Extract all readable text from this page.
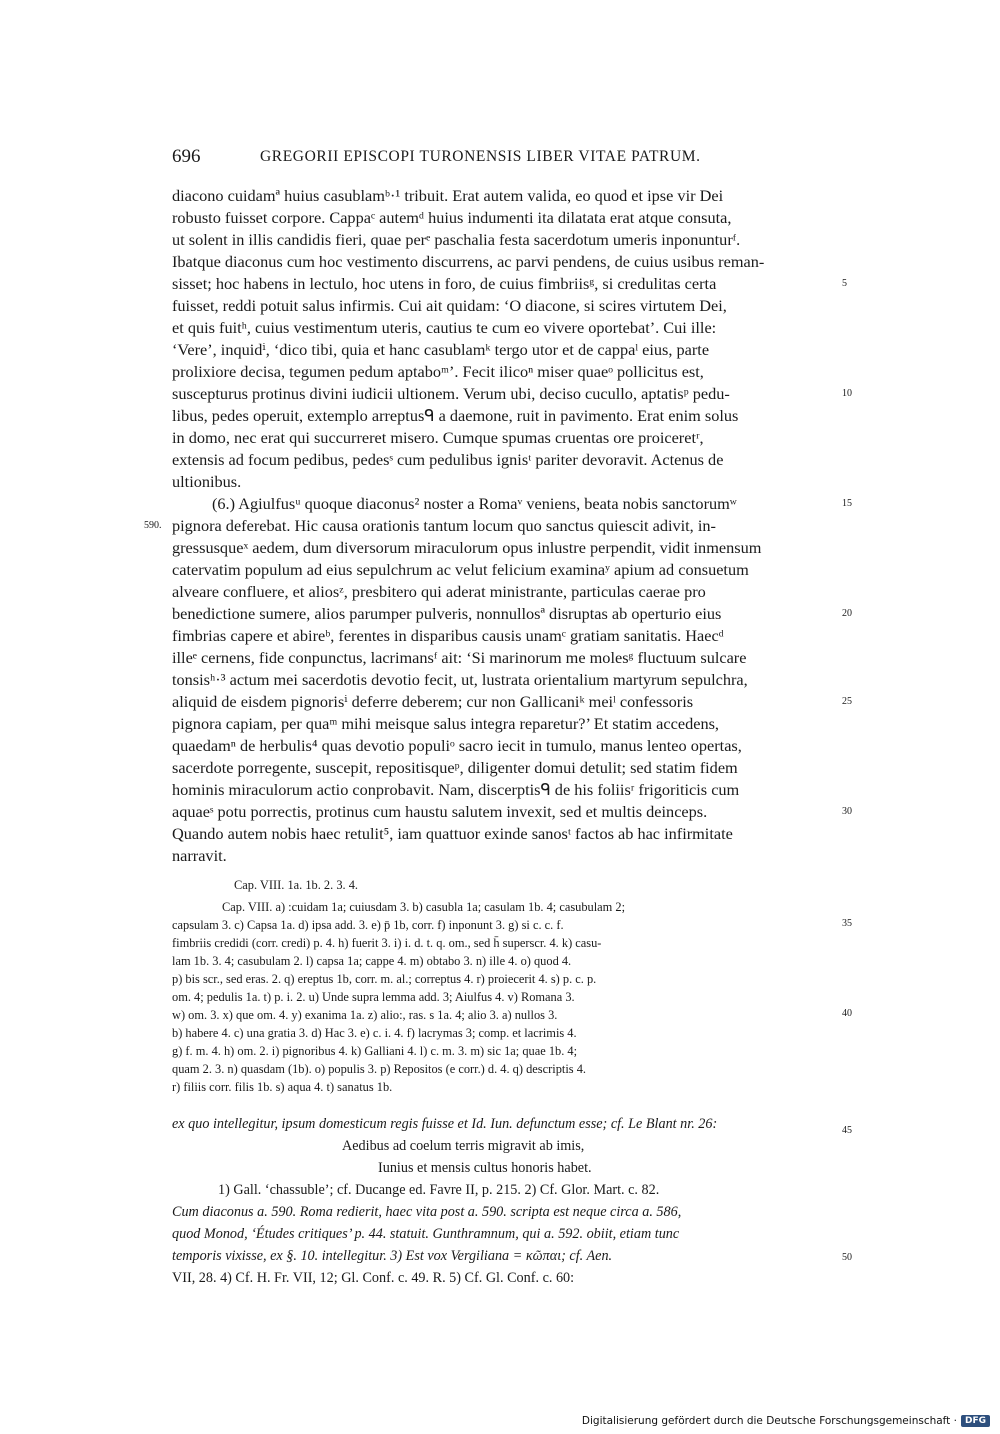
696	GREGORII EPISCOPI TURONENSIS LIBER VITAE PATRUM.
diacono cuidamª huius casublamᵇ·¹ tribuit. Erat autem valida, eo quod et ipse vir Dei
robusto fuisset corpore. Cappaᶜ autemᵈ huius indumenti ita dilatata erat atque consuta,
ut solent in illis candidis fieri, quae perᵉ paschalia festa sacerdotum umeris inponunturᶠ.
Ibatque diaconus cum hoc vestimento discurrens, ac parvi pendens, de cuius usibus reman-
sisset; hoc habens in lectulo, hoc utens in foro, de cuius fimbriisᵍ, si credulitas certa
fuisset, reddi potuit salus infirmis. Cui ait quidam: ‘O diacone, si scires virtutem Dei,
et quis fuitʰ, cuius vestimentum uteris, cautius te cum eo vivere oportebat’. Cui ille:
‘Vere’, inquidⁱ, ‘dico tibi, quia et hanc casublamᵏ tergo utor et de cappaˡ eius, parte
prolixiore decisa, tegumen pedum aptaboᵐ’. Fecit ilicoⁿ miser quaeᵒ pollicitus est,
suscepturus protinus divini iudicii ultionem. Verum ubi, deciso cucullo, aptatisᵖ pedu-
libus, pedes operuit, extemplo arreptusᑫ a daemone, ruit in pavimento. Erat enim solus
in domo, nec erat qui succurreret misero. Cumque spumas cruentas ore proiceretʳ,
extensis ad focum pedibus, pedesˢ cum pedulibus ignisᵗ pariter devoravit. Actenus de
ultionibus.
(6.) Agiulfusᵘ quoque diaconus² noster a Romaᵛ veniens, beata nobis sanctorumʷ
pignora deferebat. Hic causa orationis tantum locum quo sanctus quiescit adivit, in-
gressusqueˣ aedem, dum diversorum miraculorum opus inlustre perpendit, vidit inmensum
catervatim populum ad eius sepulchrum ac velut felicium examinaʸ apium ad consuetum
alveare confluere, et aliosᶻ, presbitero qui aderat ministrante, particulas caerae pro
benedictione sumere, alios parumper pulveris, nonnullosª disruptas ab operturio eius
fimbrias capere et abireᵇ, ferentes in disparibus causis unamᶜ gratiam sanitatis. Haecᵈ
illeᵉ cernens, fide conpunctus, lacrimansᶠ ait: ‘Si marinorum me molesᵍ fluctuum sulcare
tonsisʰ·³ actum mei sacerdotis devotio fecit, ut, lustrata orientalium martyrum sepulchra,
aliquid de eisdem pignorisⁱ deferre deberem; cur non Gallicaniᵏ meiˡ confessoris
pignora capiam, per quaᵐ mihi meisque salus integra reparetur?’ Et statim accedens,
quaedamⁿ de herbulis⁴ quas devotio populiᵒ sacro iecit in tumulo, manus lenteo opertas,
sacerdote porregente, suscepit, repositisqueᵖ, diligenter domui detulit; sed statim fidem
hominis miraculorum actio conprobavit. Nam, discerptisᑫ de his foliisʳ frigoriticis cum
aquaeˢ potu porrectis, protinus cum haustu salutem invexit, sed et multis deinceps.
Quando autem nobis haec retulit⁵, iam quattuor exinde sanosᵗ factos ab hac infirmitate
narravit.
Cap. VIII. 1a. 1b. 2. 3. 4.
Cap. VIII. a) :cuidam 1a; cuiusdam 3. b) casubla 1a; casulam 1b. 4; casubulam 2;
capsulam 3. c) Capsa 1a. d) ipsa add. 3. e) p̄ 1b, corr. f) inponunt 3. g) si c. c. f.
fimbriis credidi (corr. credi) p. 4. h) fuerit 3. i) i. d. t. q. om., sed h̄ superscr. 4. k) casu-
lam 1b. 3. 4; casubulam 2. l) capsa 1a; cappe 4. m) obtabo 3. n) ille 4. o) quod 4.
p) bis scr., sed eras. 2. q) ereptus 1b, corr. m. al.; correptus 4. r) proiecerit 4. s) p. c. p.
om. 4; pedulis 1a. t) p. i. 2. u) Unde supra lemma add. 3; Aiulfus 4. v) Romana 3.
w) om. 3. x) que om. 4. y) exanima 1a. z) alio:, ras. s 1a. 4; alio 3. a) nullos 3.
b) habere 4. c) una gratia 3. d) Hac 3. e) c. i. 4. f) lacrymas 3; comp. et lacrimis 4.
g) f. m. 4. h) om. 2. i) pignoribus 4. k) Galliani 4. l) c. m. 3. m) sic 1a; quae 1b. 4;
quam 2. 3. n) quasdam (1b). o) populis 3. p) Repositos (e corr.) d. 4. q) descriptis 4.
r) filiis corr. filis 1b. s) aqua 4. t) sanatus 1b.
ex quo intellegitur, ipsum domesticum regis fuisse et Id. Iun. defunctum esse; cf. Le Blant nr. 26:
Aedibus ad coelum terris migravit ab imis,
Iunius et mensis cultus honoris habet.
1) Gall. ‘chassuble’; cf. Ducange ed. Favre II, p. 215. 2) Cf. Glor. Mart. c. 82.
Cum diaconus a. 590. Roma redierit, haec vita post a. 590. scripta est neque circa a. 586,
quod Monod, ‘Études critiques’ p. 44. statuit. Gunthramnum, qui a. 592. obiit, etiam tunc
temporis vixisse, ex §. 10. intellegitur. 3) Est vox Vergiliana = κῶπαι; cf. Aen.
VII, 28. 4) Cf. H. Fr. VII, 12; Gl. Conf. c. 49. R. 5) Cf. Gl. Conf. c. 60:
5
10
15
20
25
30
35
40
45
50
590.
Digitalisierung gefördert durch die Deutsche Forschungsgemeinschaft · DFG
